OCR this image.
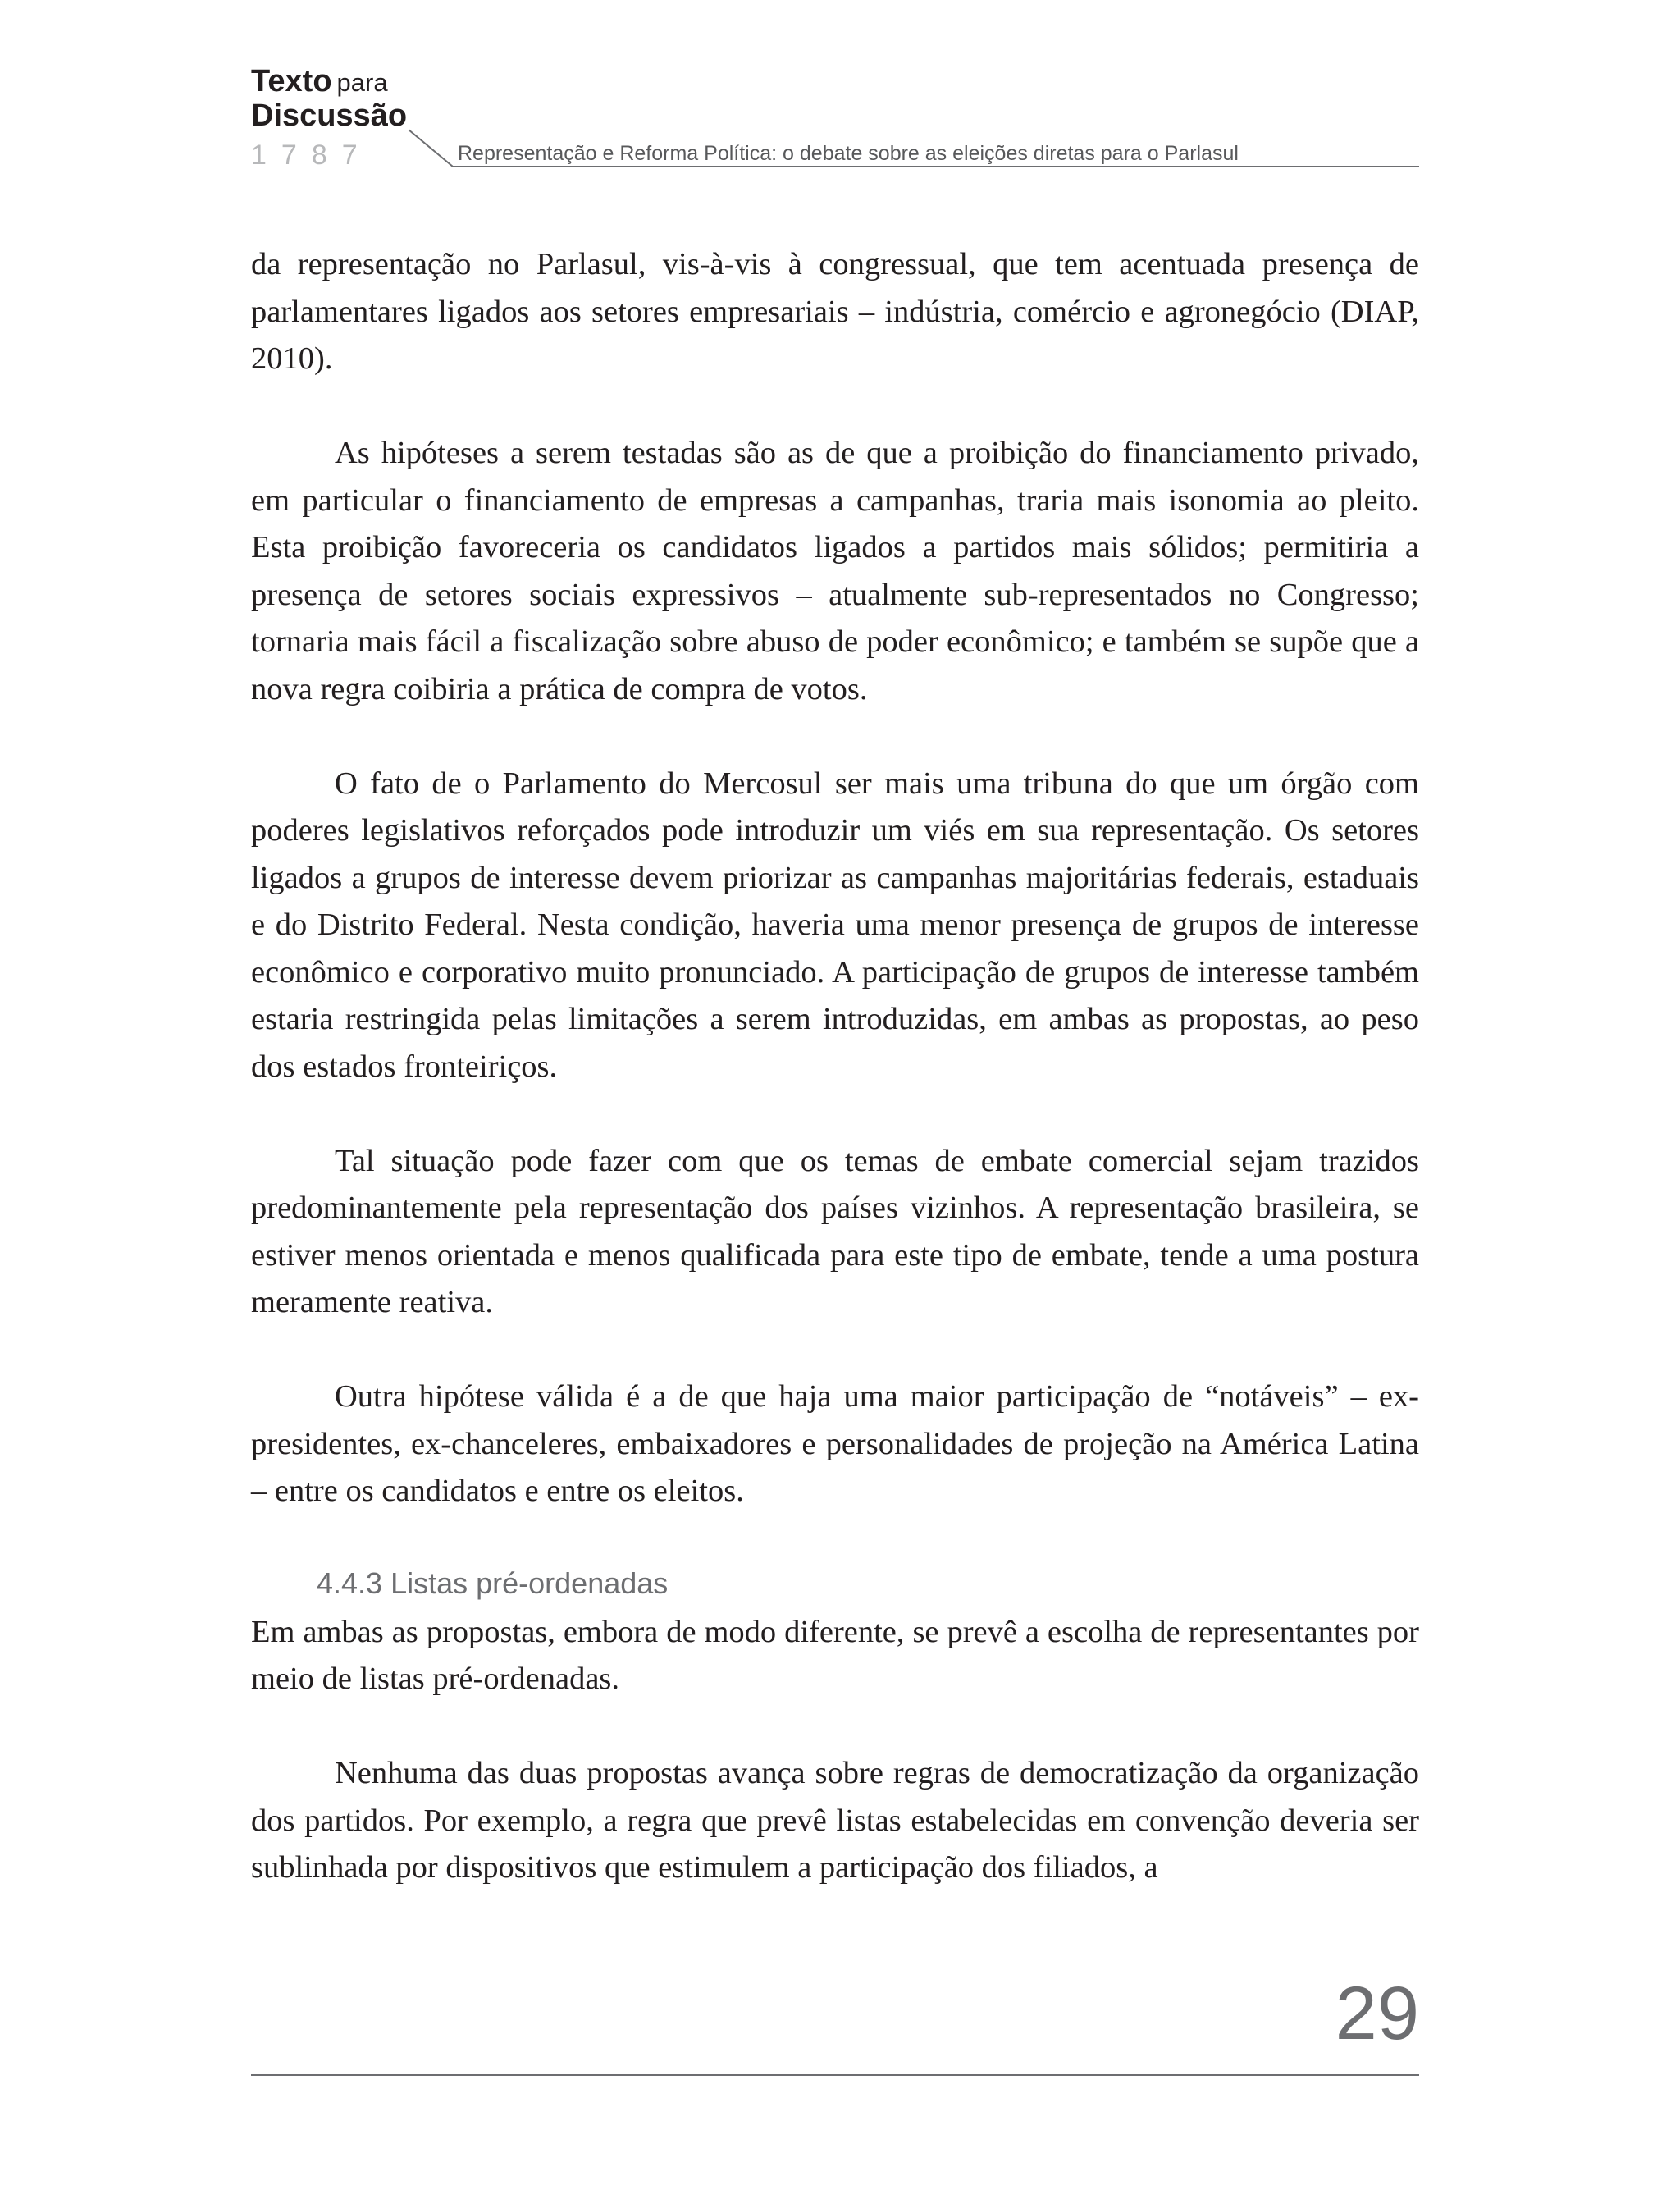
Texto para
Discussão
1787	Representação e Reforma Política: o debate sobre as eleições diretas para o Parlasul

da representação no Parlasul, vis-à-vis à congressual, que tem acentuada presença de parlamentares ligados aos setores empresariais – indústria, comércio e agronegócio (DIAP, 2010).

As hipóteses a serem testadas são as de que a proibição do financiamento privado, em particular o financiamento de empresas a campanhas, traria mais isonomia ao pleito. Esta proibição favoreceria os candidatos ligados a partidos mais sólidos; permitiria a presença de setores sociais expressivos – atualmente sub-representados no Congresso; tornaria mais fácil a fiscalização sobre abuso de poder econômico; e também se supõe que a nova regra coibiria a prática de compra de votos.

O fato de o Parlamento do Mercosul ser mais uma tribuna do que um órgão com poderes legislativos reforçados pode introduzir um viés em sua representação. Os setores ligados a grupos de interesse devem priorizar as campanhas majoritárias federais, estaduais e do Distrito Federal. Nesta condição, haveria uma menor presença de grupos de interesse econômico e corporativo muito pronunciado. A participação de grupos de interesse também estaria restringida pelas limitações a serem introduzidas, em ambas as propostas, ao peso dos estados fronteiriços.

Tal situação pode fazer com que os temas de embate comercial sejam trazidos predominantemente pela representação dos países vizinhos. A representação brasileira, se estiver menos orientada e menos qualificada para este tipo de embate, tende a uma postura meramente reativa.

Outra hipótese válida é a de que haja uma maior participação de “notáveis” – ex-presidentes, ex-chanceleres, embaixadores e personalidades de projeção na América Latina – entre os candidatos e entre os eleitos.

4.4.3 Listas pré-ordenadas

Em ambas as propostas, embora de modo diferente, se prevê a escolha de representantes por meio de listas pré-ordenadas.

Nenhuma das duas propostas avança sobre regras de democratização da organização dos partidos. Por exemplo, a regra que prevê listas estabelecidas em convenção deveria ser sublinhada por dispositivos que estimulem a participação dos filiados, a

29
